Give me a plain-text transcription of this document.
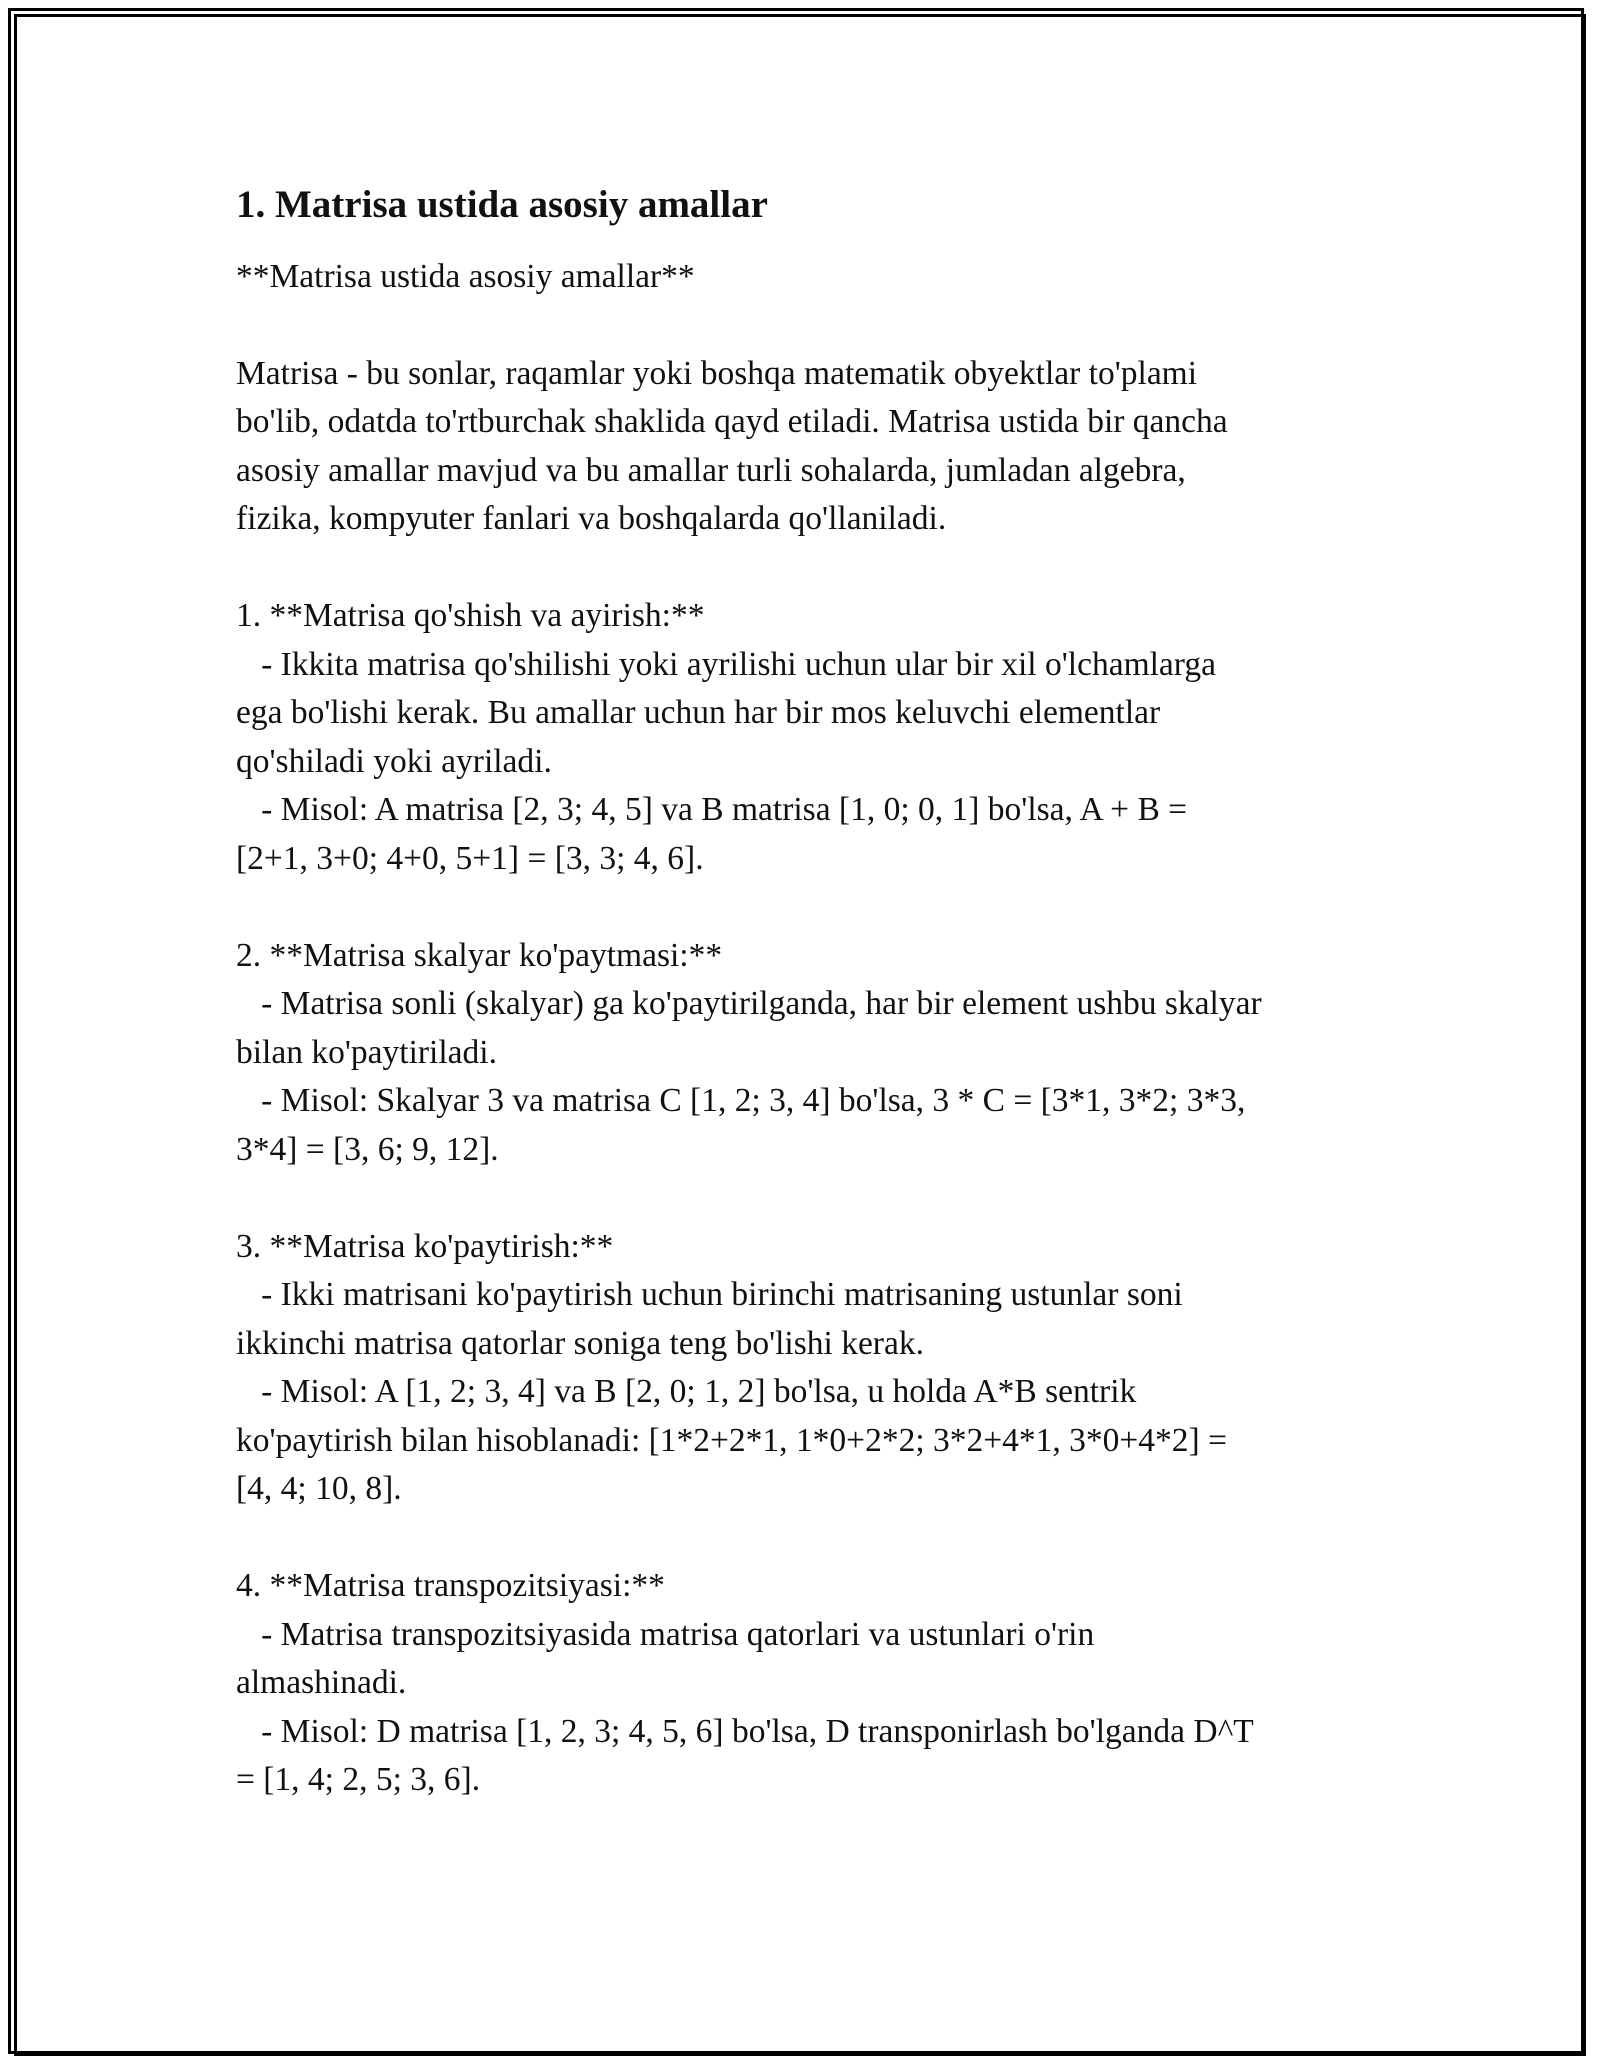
1. Matrisa ustida asosiy amallar

**Matrisa ustida asosiy amallar**

Matrisa - bu sonlar, raqamlar yoki boshqa matematik obyektlar to'plami

bo'lib, odatda to'rtburchak shaklida qayd etiladi. Matrisa ustida bir qancha

asosiy amallar mavjud va bu amallar turli sohalarda, jumladan algebra,

fizika, kompyuter fanlari va boshqalarda qo'llaniladi.

1. **Matrisa qo'shish va ayirish:**

- Ikkita matrisa qo'shilishi yoki ayrilishi uchun ular bir xil o'lchamlarga

ega bo'lishi kerak. Bu amallar uchun har bir mos keluvchi elementlar

qo'shiladi yoki ayriladi.

- Misol: A matrisa [2, 3; 4, 5] va B matrisa [1, 0; 0, 1] bo'lsa, A + B =

[2+1, 3+0; 4+0, 5+1] = [3, 3; 4, 6].

2. **Matrisa skalyar ko'paytmasi:**

- Matrisa sonli (skalyar) ga ko'paytirilganda, har bir element ushbu skalyar

bilan ko'paytiriladi.

- Misol: Skalyar 3 va matrisa C [1, 2; 3, 4] bo'lsa, 3 * C = [3*1, 3*2; 3*3,

3*4] = [3, 6; 9, 12].

3. **Matrisa ko'paytirish:**

- Ikki matrisani ko'paytirish uchun birinchi matrisaning ustunlar soni

ikkinchi matrisa qatorlar soniga teng bo'lishi kerak.

- Misol: A [1, 2; 3, 4] va B [2, 0; 1, 2] bo'lsa, u holda A*B sentrik

ko'paytirish bilan hisoblanadi: [1*2+2*1, 1*0+2*2; 3*2+4*1, 3*0+4*2] =

[4, 4; 10, 8].

4. **Matrisa transpozitsiyasi:**

- Matrisa transpozitsiyasida matrisa qatorlari va ustunlari o'rin

almashinadi.

- Misol: D matrisa [1, 2, 3; 4, 5, 6] bo'lsa, D transponirlash bo'lganda D^T

= [1, 4; 2, 5; 3, 6].
